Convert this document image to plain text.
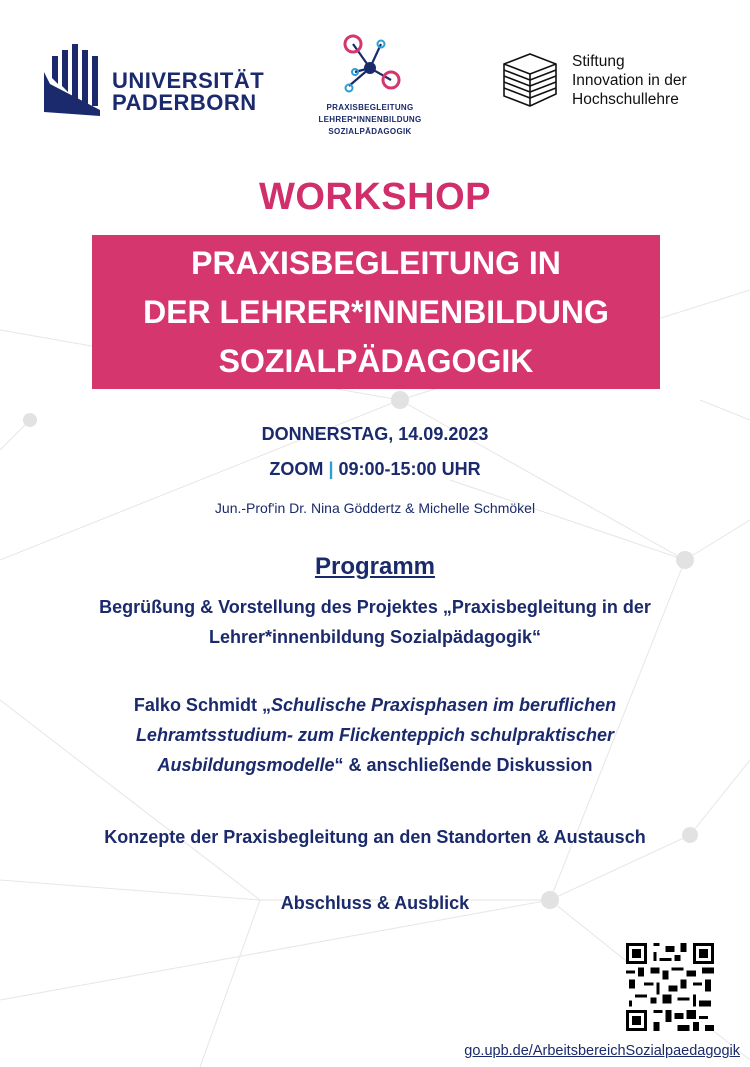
UNIVERSITÄT
PADERBORN	PRAXISBEGLEITUNG
LEHRER*INNENBILDUNG
SOZIALPÄDAGOGIK
Stiftung
Innovation in der
Hochschullehre
WORKSHOP
PRAXISBEGLEITUNG IN
DER LEHRER*INNENBILDUNG
SOZIALPÄDAGOGIK
DONNERSTAG, 14.09.2023
ZOOM | 09:00-15:00 UHR
Jun.-Prof'in Dr. Nina Göddertz & Michelle Schmökel
Programm
Begrüßung & Vorstellung des Projektes „Praxisbegleitung in der
Lehrer*innenbildung Sozialpädagogik“
Falko Schmidt „Schulische Praxisphasen im beruflichen
Lehramtsstudium- zum Flickenteppich schulpraktischer
Ausbildungsmodelle“ & anschließende Diskussion
Konzepte der Praxisbegleitung an den Standorten & Austausch
Abschluss & Ausblick
go.upb.de/ArbeitsbereichSozialpaedagogik
